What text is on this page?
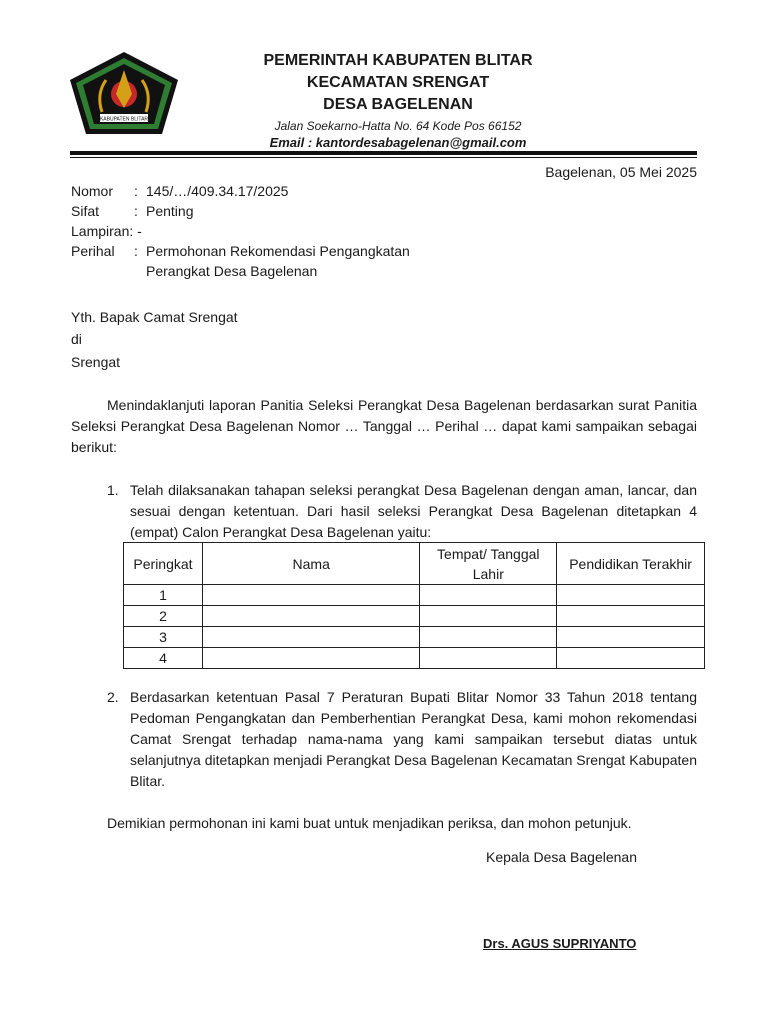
KABUPATEN BLITAR
PEMERINTAH KABUPATEN BLITAR
KECAMATAN SRENGAT
DESA BAGELENAN
Jalan Soekarno-Hatta No. 64 Kode Pos 66152
Email : kantordesabagelenan@gmail.com
Bagelenan, 05 Mei 2025
Nomor : 145/…/409.34.17/2025
Sifat : Penting
Lampiran: -
Perihal : Permohonan Rekomendasi Pengangkatan
Perangkat Desa Bagelenan
Yth. Bapak Camat Srengat
di
Srengat
Menindaklanjuti laporan Panitia Seleksi Perangkat Desa Bagelenan berdasarkan surat Panitia Seleksi Perangkat Desa Bagelenan Nomor … Tanggal … Perihal … dapat kami sampaikan sebagai berikut:
1. Telah dilaksanakan tahapan seleksi perangkat Desa Bagelenan dengan aman, lancar, dan sesuai dengan ketentuan. Dari hasil seleksi Perangkat Desa Bagelenan ditetapkan 4 (empat) Calon Perangkat Desa Bagelenan yaitu:
Peringkat	Nama	Tempat/ Tanggal Lahir	Pendidikan Terakhir
1			
2			
3			
4			
2. Berdasarkan ketentuan Pasal 7 Peraturan Bupati Blitar Nomor 33 Tahun 2018 tentang Pedoman Pengangkatan dan Pemberhentian Perangkat Desa, kami mohon rekomendasi Camat Srengat terhadap nama-nama yang kami sampaikan tersebut diatas untuk selanjutnya ditetapkan menjadi Perangkat Desa Bagelenan Kecamatan Srengat Kabupaten Blitar.
Demikian permohonan ini kami buat untuk menjadikan periksa, dan mohon petunjuk.
Kepala Desa Bagelenan
Drs. AGUS SUPRIYANTO
